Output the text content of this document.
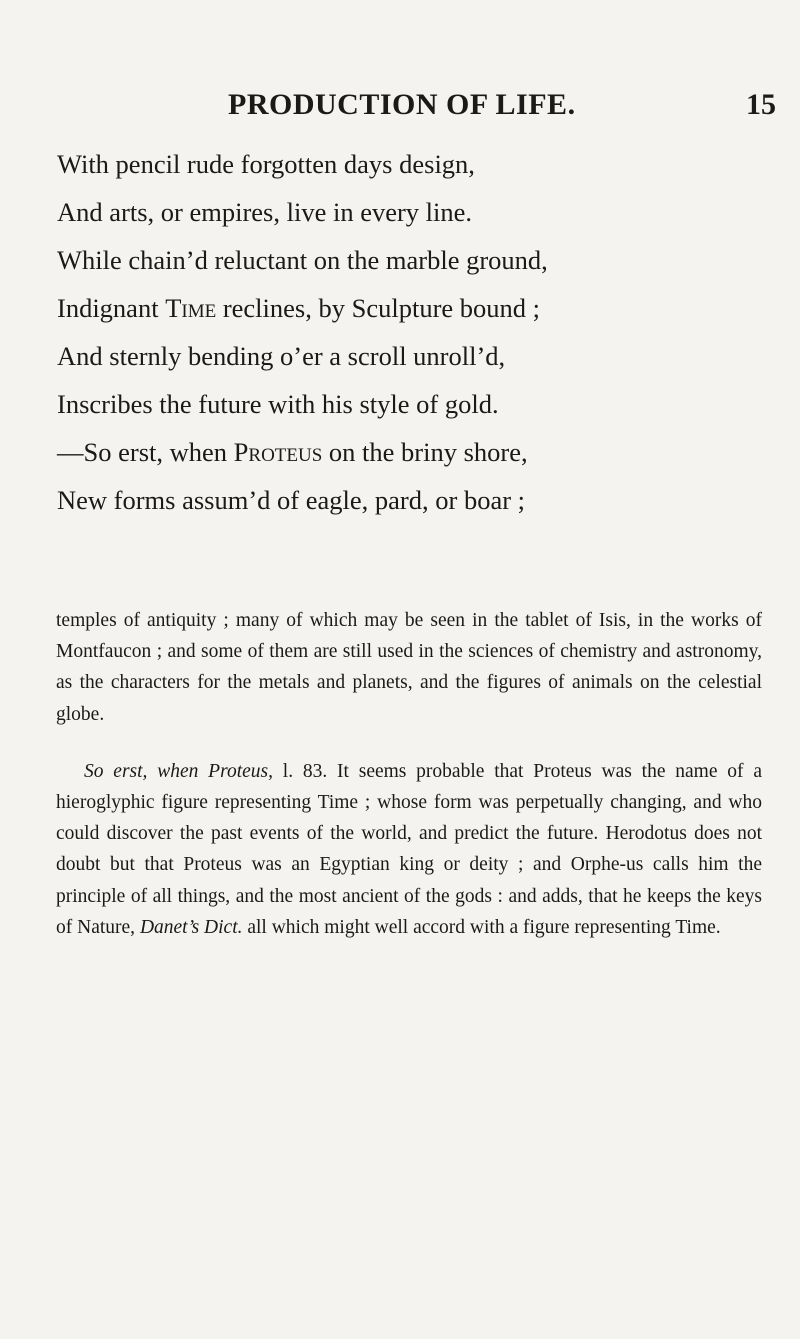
PRODUCTION OF LIFE.	15
With pencil rude forgotten days design,
And arts, or empires, live in every line.
While chain’d reluctant on the marble ground,
Indignant Time reclines, by Sculpture bound ;
And sternly bending o’er a scroll unroll’d,
Inscribes the future with his style of gold.
—So erst, when Proteus on the briny shore,
New forms assum’d of eagle, pard, or boar ;

temples of antiquity ; many of which may be seen in the tablet of Isis, in the works of Montfaucon ; and some of them are still used in the sciences of chemistry and astronomy, as the characters for the metals and planets, and the figures of animals on the celestial globe.

So erst, when Proteus, l. 83. It seems probable that Proteus was the name of a hieroglyphic figure representing Time ; whose form was perpetually changing, and who could discover the past events of the world, and predict the future. Herodotus does not doubt but that Proteus was an Egyptian king or deity ; and Orphe-us calls him the principle of all things, and the most ancient of the gods : and adds, that he keeps the keys of Nature, Danet’s Dict. all which might well accord with a figure representing Time.
